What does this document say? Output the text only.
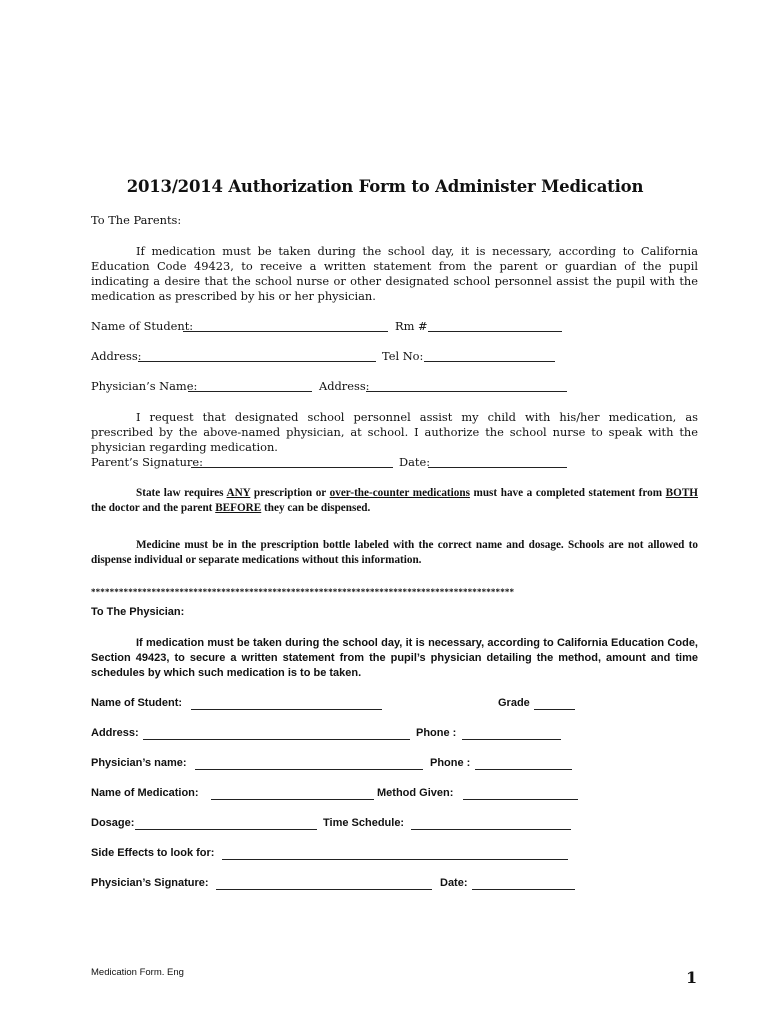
2013/2014 Authorization Form to Administer Medication
To The Parents:
If medication must be taken during the school day, it is necessary, according to California Education Code 49423, to receive a written statement from the parent or guardian of the pupil indicating a desire that the school nurse or other designated school personnel assist the pupil with the medication as prescribed by his or her physician.
Name of Student:	Rm #
Address:	Tel No:
Physician’s Name:	Address:
I request that designated school personnel assist my child with his/her medication, as prescribed by the above-named physician, at school. I authorize the school nurse to speak with the physician regarding medication.
Parent’s Signature:	Date:
State law requires ANY prescription or over-the-counter medications must have a completed statement from BOTH the doctor and the parent BEFORE they can be dispensed.
Medicine must be in the prescription bottle labeled with the correct name and dosage. Schools are not allowed to dispense individual or separate medications without this information.
*******************************************************************************************
To The Physician:
If medication must be taken during the school day, it is necessary, according to California Education Code, Section 49423, to secure a written statement from the pupil’s physician detailing the method, amount and time schedules by which such medication is to be taken.
Name of Student:	Grade
Address:	Phone :
Physician’s name:	Phone :
Name of Medication:	Method Given:
Dosage:	Time Schedule:
Side Effects to look for:
Physician’s Signature:	Date:
Medication Form. Eng	1
